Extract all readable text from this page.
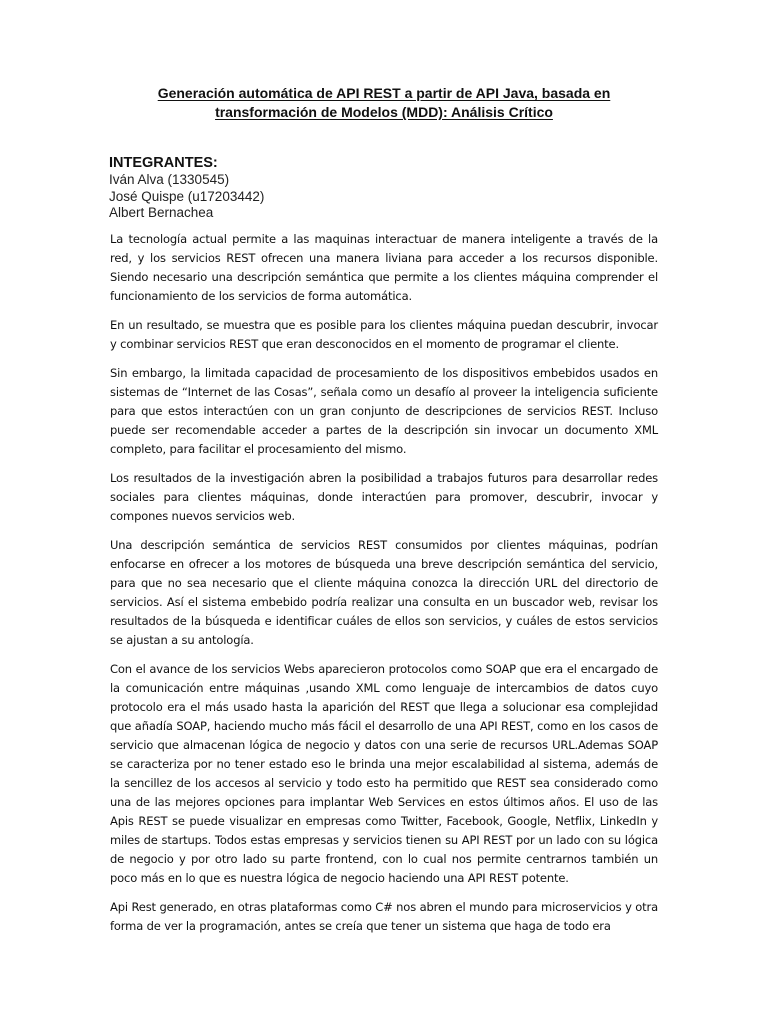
Generación automática de API REST a partir de API Java, basada en
transformación de Modelos (MDD): Análisis Crítico
INTEGRANTES:
Iván Alva (1330545)
José Quispe (u17203442)
Albert Bernachea

La tecnología actual permite a las maquinas interactuar de manera inteligente a través de la red, y los servicios REST ofrecen una manera liviana para acceder a los recursos disponible. Siendo necesario una descripción semántica que permite a los clientes máquina comprender el funcionamiento de los servicios de forma automática.

En un resultado, se muestra que es posible para los clientes máquina puedan descubrir, invocar y combinar servicios REST que eran desconocidos en el momento de programar el cliente.

Sin embargo, la limitada capacidad de procesamiento de los dispositivos embebidos usados en sistemas de “Internet de las Cosas”, señala como un desafío al proveer la inteligencia suficiente para que estos interactúen con un gran conjunto de descripciones de servicios REST. Incluso puede ser recomendable acceder a partes de la descripción sin invocar un documento XML completo, para facilitar el procesamiento del mismo.

Los resultados de la investigación abren la posibilidad a trabajos futuros para desarrollar redes sociales para clientes máquinas, donde interactúen para promover, descubrir, invocar y compones nuevos servicios web.

Una descripción semántica de servicios REST consumidos por clientes máquinas, podrían enfocarse en ofrecer a los motores de búsqueda una breve descripción semántica del servicio, para que no sea necesario que el cliente máquina conozca la dirección URL del directorio de servicios. Así el sistema embebido podría realizar una consulta en un buscador web, revisar los resultados de la búsqueda e identificar cuáles de ellos son servicios, y cuáles de estos servicios se ajustan a su antología.

Con el avance de los servicios Webs aparecieron protocolos como SOAP que era el encargado de la comunicación entre máquinas ,usando XML como lenguaje de intercambios de datos cuyo protocolo era el más usado hasta la aparición del REST que llega a solucionar esa complejidad que añadía SOAP, haciendo mucho más fácil el desarrollo de una API REST, como en los casos de servicio que almacenan lógica de negocio y datos con una serie de recursos URL.Ademas SOAP se caracteriza por no tener estado eso le brinda una mejor escalabilidad al sistema, además de la sencillez de los accesos al servicio y todo esto ha permitido que REST sea considerado como una de las mejores opciones para implantar Web Services en estos últimos años. El uso de las Apis REST se puede visualizar en empresas como Twitter, Facebook, Google, Netflix, LinkedIn y miles de startups. Todos estas empresas y servicios tienen su API REST por un lado con su lógica de negocio y por otro lado su parte frontend, con lo cual nos permite centrarnos también un poco más en lo que es nuestra lógica de negocio haciendo una API REST potente.

Api Rest generado, en otras plataformas como C# nos abren el mundo para microservicios y otra forma de ver la programación, antes se creía que tener un sistema que haga de todo era
